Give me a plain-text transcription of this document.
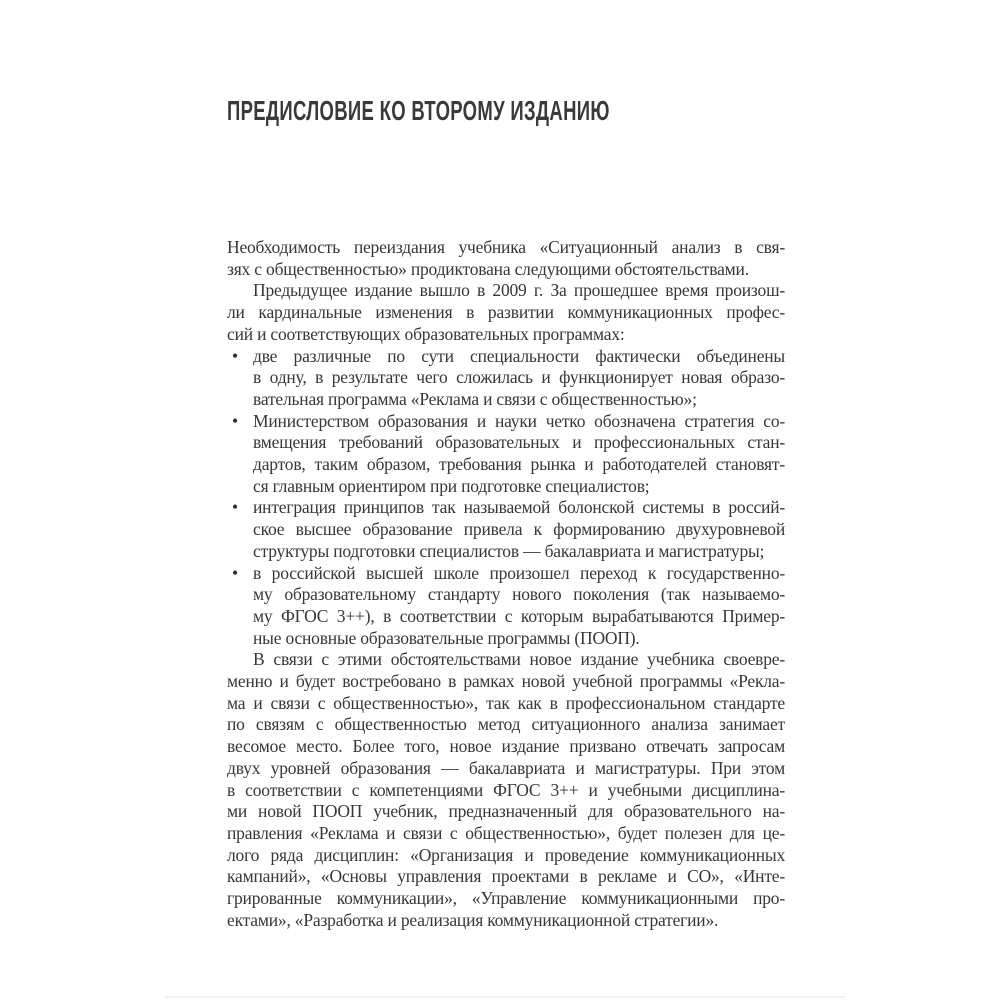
ПРЕДИСЛОВИЕ КО ВТОРОМУ ИЗДАНИЮ
Необходимость переиздания учебника «Ситуационный анализ в свя-
зях с общественностью» продиктована следующими обстоятельствами.
Предыдущее издание вышло в 2009 г. За прошедшее время произош-
ли кардинальные изменения в развитии коммуникационных профес-
сий и соответствующих образовательных программах:
две различные по сути специальности фактически объединены
в одну, в результате чего сложилась и функционирует новая образо-
вательная программа «Реклама и связи с общественностью»;
•
Министерством образования и науки четко обозначена стратегия со-
вмещения требований образовательных и профессиональных стан-
дартов, таким образом, требования рынка и работодателей становят-
ся главным ориентиром при подготовке специалистов;
•
интеграция принципов так называемой болонской системы в россий-
ское высшее образование привела к формированию двухуровневой
структуры подготовки специалистов — бакалавриата и магистратуры;
•
в российской высшей школе произошел переход к государственно-
му образовательному стандарту нового поколения (так называемо-
му ФГОС 3++), в соответствии с которым вырабатываются Пример-
ные основные образовательные программы (ПООП).
•
В связи с этими обстоятельствами новое издание учебника своевре-
менно и будет востребовано в рамках новой учебной программы «Рекла-
ма и связи с общественностью», так как в профессиональном стандарте
по связям с общественностью метод ситуационного анализа занимает
весомое место. Более того, новое издание призвано отвечать запросам
двух уровней образования — бакалавриата и магистратуры. При этом
в соответствии с компетенциями ФГОС 3++ и учебными дисциплина-
ми новой ПООП учебник, предназначенный для образовательного на-
правления «Реклама и связи с общественностью», будет полезен для це-
лого ряда дисциплин: «Организация и проведение коммуникационных
кампаний», «Основы управления проектами в рекламе и СО», «Инте-
грированные коммуникации», «Управление коммуникационными про-
ектами», «Разработка и реализация коммуникационной стратегии».
